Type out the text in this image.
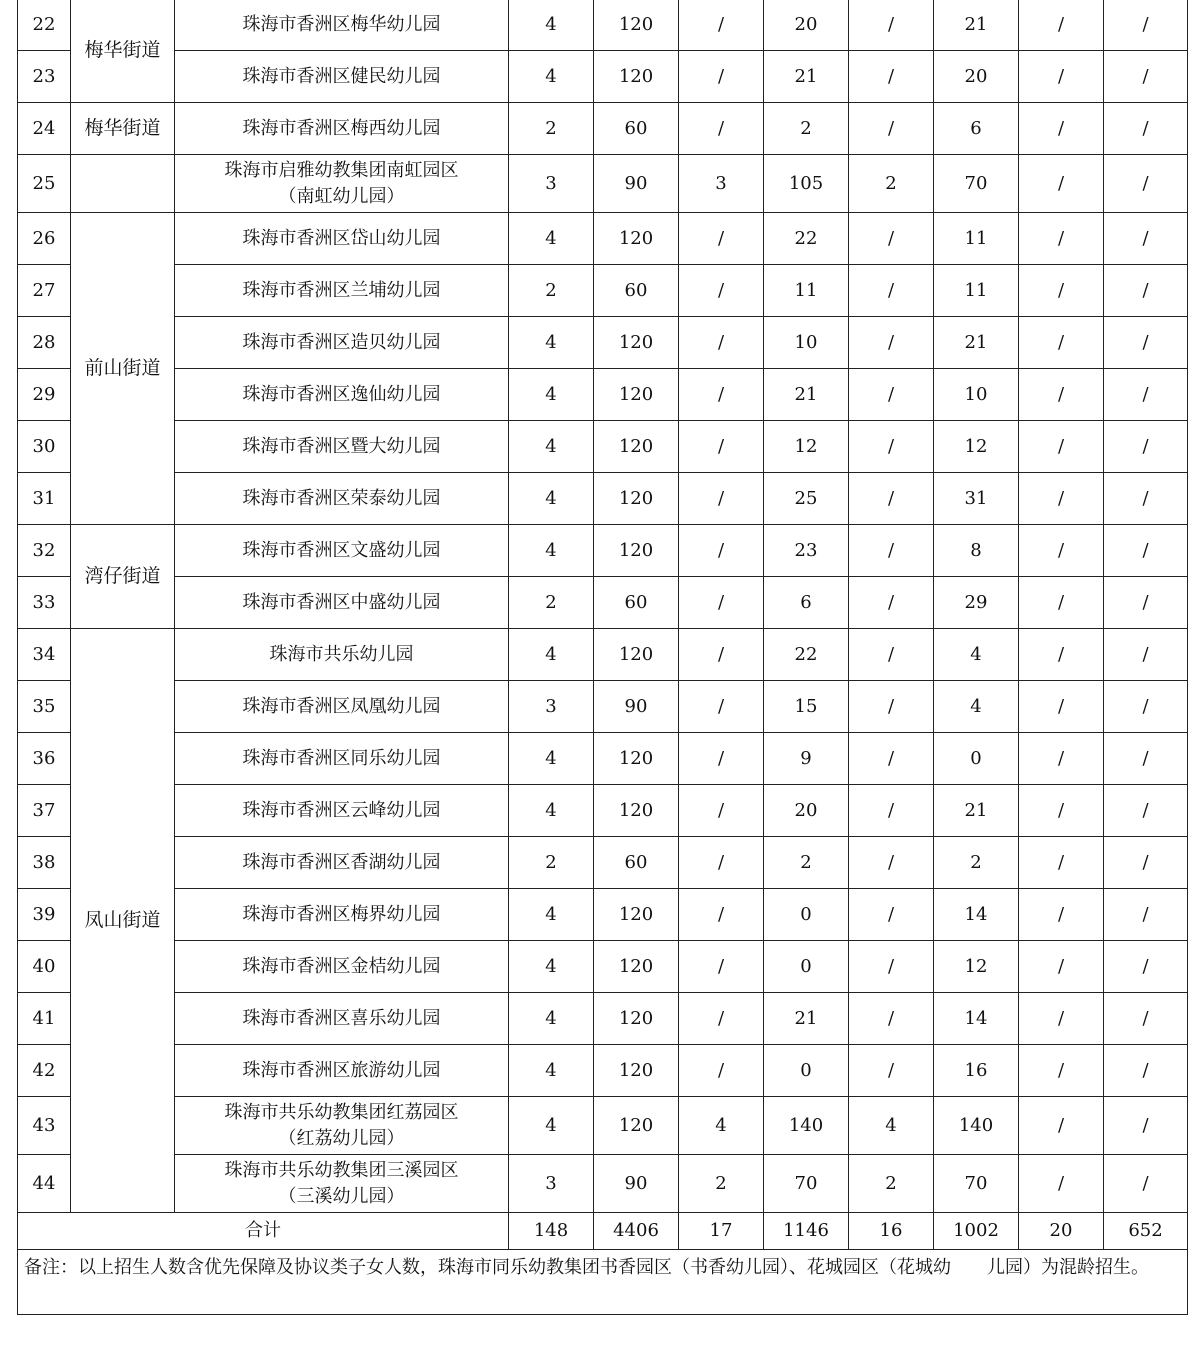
22	梅华街道	珠海市香洲区梅华幼儿园	4	120	/	20	/	21	/	/
23		珠海市香洲区健民幼儿园	4	120	/	21	/	20	/	/
24	梅华街道	珠海市香洲区梅西幼儿园	2	60	/	2	/	6	/	/
25		珠海市启雅幼教集团南虹园区
（南虹幼儿园）	3	90	3	105	2	70	/	/
26	前山街道	珠海市香洲区岱山幼儿园	4	120	/	22	/	11	/	/
27		珠海市香洲区兰埔幼儿园	2	60	/	11	/	11	/	/
28		珠海市香洲区造贝幼儿园	4	120	/	10	/	21	/	/
29		珠海市香洲区逸仙幼儿园	4	120	/	21	/	10	/	/
30		珠海市香洲区暨大幼儿园	4	120	/	12	/	12	/	/
31		珠海市香洲区荣泰幼儿园	4	120	/	25	/	31	/	/
32	湾仔街道	珠海市香洲区文盛幼儿园	4	120	/	23	/	8	/	/
33		珠海市香洲区中盛幼儿园	2	60	/	6	/	29	/	/
34	凤山街道	珠海市共乐幼儿园	4	120	/	22	/	4	/	/
35		珠海市香洲区凤凰幼儿园	3	90	/	15	/	4	/	/
36		珠海市香洲区同乐幼儿园	4	120	/	9	/	0	/	/
37		珠海市香洲区云峰幼儿园	4	120	/	20	/	21	/	/
38		珠海市香洲区香湖幼儿园	2	60	/	2	/	2	/	/
39		珠海市香洲区梅界幼儿园	4	120	/	0	/	14	/	/
40		珠海市香洲区金桔幼儿园	4	120	/	0	/	12	/	/
41		珠海市香洲区喜乐幼儿园	4	120	/	21	/	14	/	/
42		珠海市香洲区旅游幼儿园	4	120	/	0	/	16	/	/
43		珠海市共乐幼教集团红荔园区
（红荔幼儿园）	4	120	4	140	4	140	/	/
44		珠海市共乐幼教集团三溪园区
（三溪幼儿园）	3	90	2	70	2	70	/	/
合计			148	4406	17	1146	16	1002	20	652
备注：以上招生人数含优先保障及协议类子女人数，珠海市同乐幼教集团书香园区（书香幼儿园）、花城园区（花城幼　　儿园）为混龄招生。										
